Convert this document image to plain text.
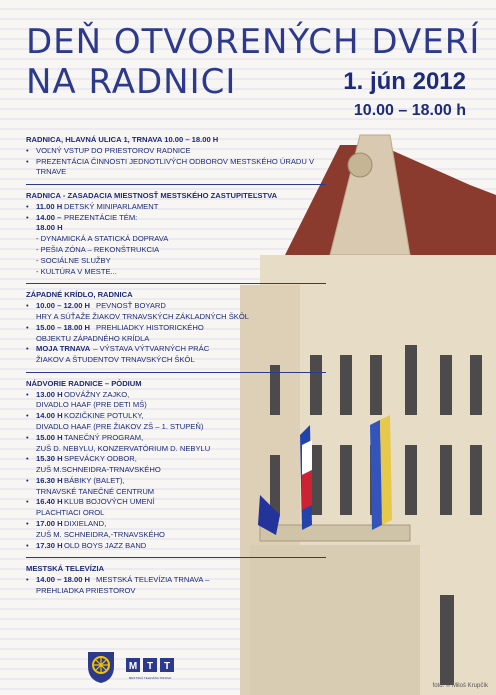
DEŇ OTVORENÝCH DVERÍ
NA RADNICI	1. jún 2012
10.00 – 18.00 h
RADNICA, HLAVNÁ ULICA 1, TRNAVA 10.00 – 18.00 H
• VOĽNÝ VSTUP DO PRIESTOROV RADNICE
• PREZENTÁCIA ČINNOSTI JEDNOTLIVÝCH ODBOROV MESTSKÉHO ÚRADU V TRNAVE
RADNICA - ZASADACIA MIESTNOSŤ MESTSKÉHO ZASTUPITEĽSTVA
• 11.00 H DETSKÝ MINIPARLAMENT
• 14.00 – 18.00 H
PREZENTÁCIE TÉM:
- DYNAMICKÁ A STATICKÁ DOPRAVA
- PEŠIA ZÓNA – REKONŠTRUKCIA
- SOCIÁLNE SLUŽBY
- KULTÚRA V MESTE...
ZÁPADNÉ KRÍDLO, RADNICA
• 10.00 – 12.00 H PEVNOSŤ BOYARD
HRY A SÚŤAŽE ŽIAKOV TRNAVSKÝCH ZÁKLADNÝCH ŠKÔL
• 15.00 – 18.00 H PREHLIADKY HISTORICKÉHO
OBJEKTU ZÁPADNÉHO KRÍDLA
• MOJA TRNAVA – VÝSTAVA VÝTVARNÝCH PRÁC
ŽIAKOV A ŠTUDENTOV TRNAVSKÝCH ŠKÔL
NÁDVORIE RADNICE – PÓDIUM
• 13.00 H ODVÁŽNY ZAJKO,
DIVADLO HAAF (PRE DETI MŠ)
• 14.00 H KOZIČKINE POTULKY,
DIVADLO HAAF (PRE ŽIAKOV ZŠ – 1. STUPEŇ)
• 15.00 H TANEČNÝ PROGRAM,
ZUŠ D. NEBYLU, KONZERVATÓRIUM D. NEBYLU
• 15.30 H SPEVÁCKY ODBOR,
ZUŠ M.SCHNEIDRA-TRNAVSKÉHO
• 16.30 H BÁBIKY (BALET),
TRNAVSKÉ TANEČNÉ CENTRUM
• 16.40 H KLUB BOJOVÝCH UMENÍ
PLACHTIACI OROL
• 17.00 H DIXIELAND,
ZUŠ M. SCHNEIDRA,-TRNAVSKÉHO
• 17.30 H OLD BOYS JAZZ BAND
MESTSKÁ TELEVÍZIA
• 14.00 – 18.00 H MESTSKÁ TELEVÍZIA TRNAVA –
PREHLIADKA PRIESTOROV
M T T
MESTSKÁ TELEVÍZIA TRNAVA
foto: © Miloš Krupčík
